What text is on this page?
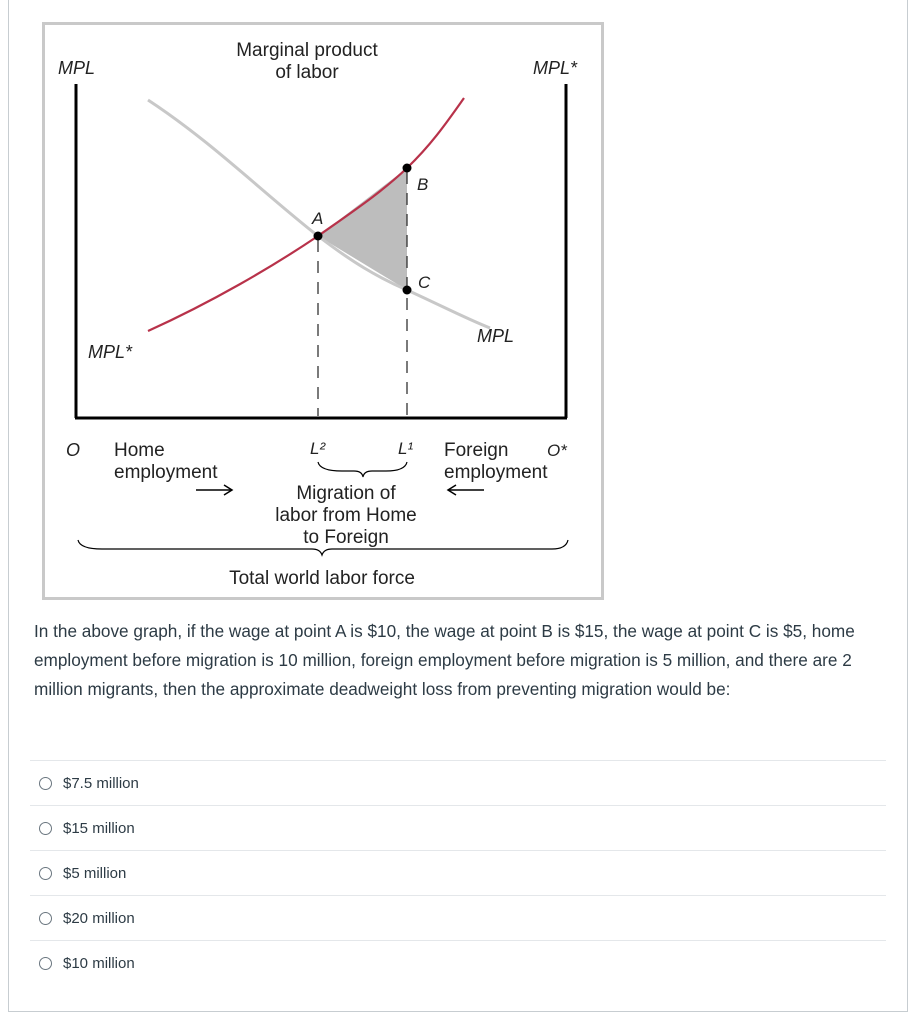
Marginal product
of labor
MPL	MPL*
MPL*
MPL
A
B
C
O Home
employment
L²	L¹ Foreign O*
employment
Migration of
labor from Home
to Foreign
Total world labor force

In the above graph, if the wage at point A is $10, the wage at point B is $15, the wage at point C is $5, home employment before migration is 10 million, foreign employment before migration is 5 million, and there are 2 million migrants, then the approximate deadweight loss from preventing migration would be:

$7.5 million
$15 million
$5 million
$20 million
$10 million
